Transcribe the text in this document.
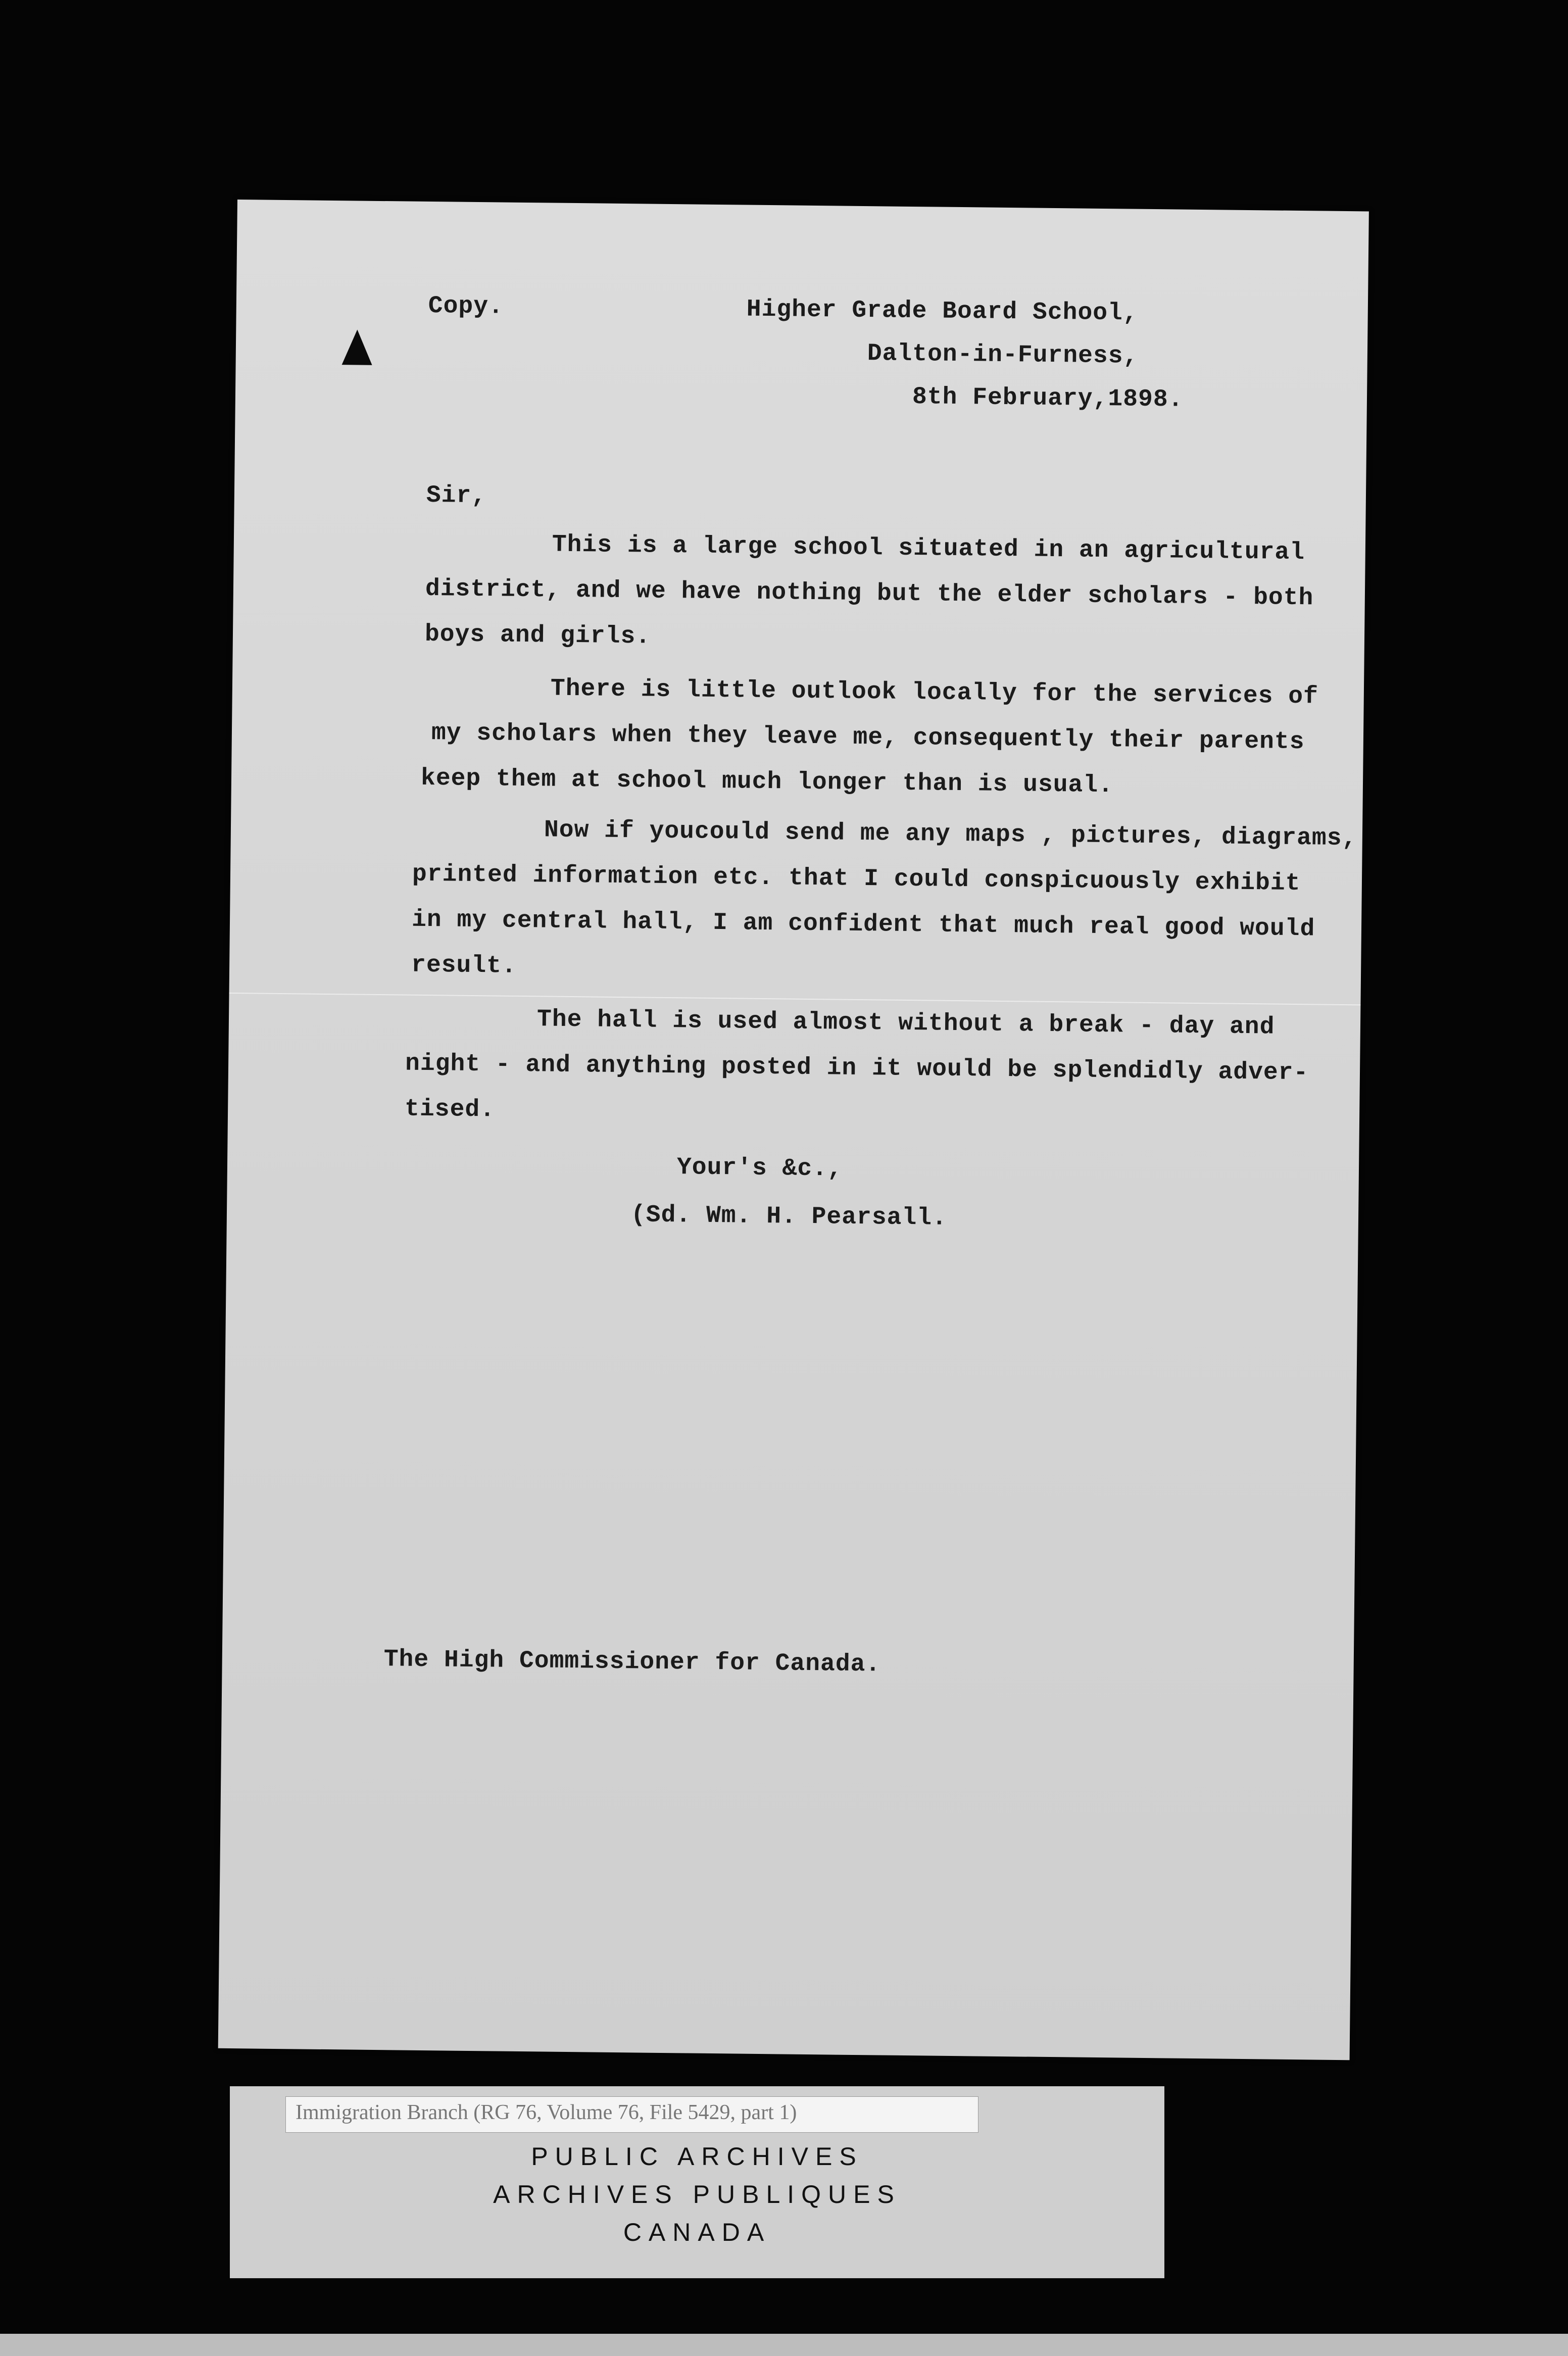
Copy.	Higher Grade Board School,
Dalton-in-Furness,
8th February,1898.
Sir,
This is a large school situated in an agricultural
district, and we have nothing but the elder scholars - both
boys and girls.
There is little outlook locally for the services of
my scholars when they leave me, consequently their parents
keep them at school much longer than is usual.
Now if youcould send me any maps , pictures, diagrams,
printed information etc. that I could conspicuously exhibit
in my central hall, I am confident that much real good would
result.
The hall is used almost without a break - day and
night - and anything posted in it would be splendidly adver-
tised.
Your's &c.,
(Sd. Wm. H. Pearsall.
The High Commissioner for Canada.
Immigration Branch (RG 76, Volume 76, File 5429, part 1)
PUBLIC ARCHIVES
ARCHIVES PUBLIQUES
CANADA
